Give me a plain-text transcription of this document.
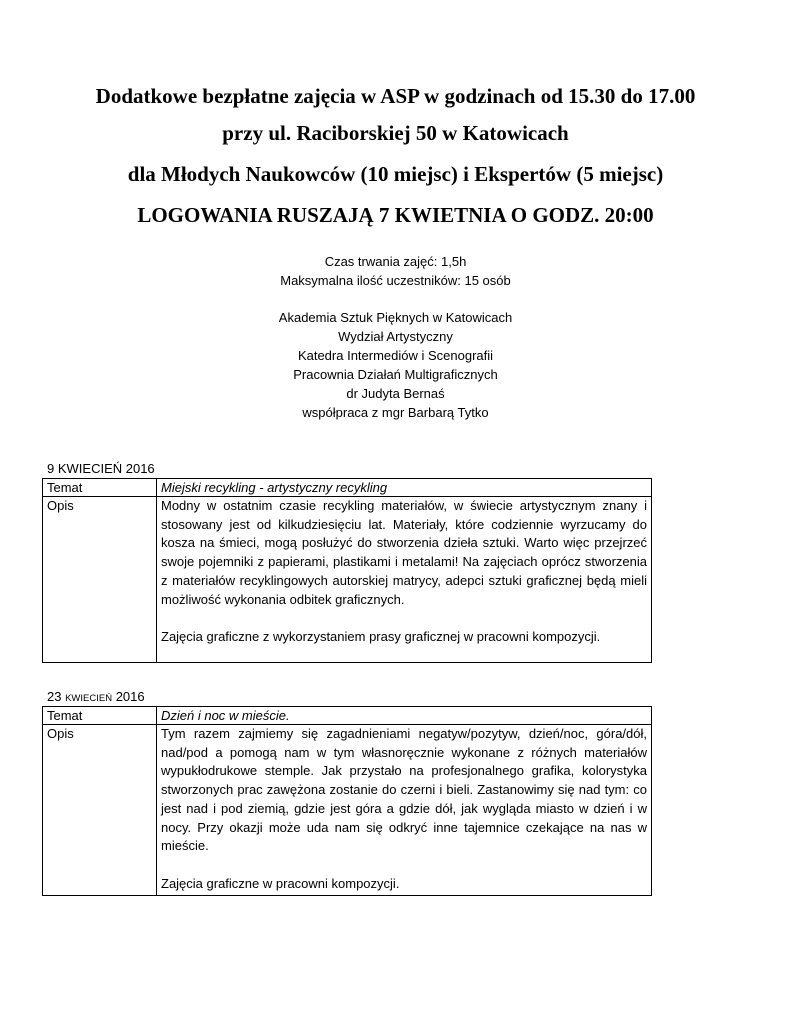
Dodatkowe bezpłatne zajęcia w ASP w godzinach od 15.30 do 17.00
przy ul. Raciborskiej 50 w Katowicach
dla Młodych Naukowców (10 miejsc) i Ekspertów (5 miejsc)
LOGOWANIA RUSZAJĄ 7 KWIETNIA O GODZ. 20:00
Czas trwania zajęć: 1,5h
Maksymalna ilość uczestników: 15 osób
Akademia Sztuk Pięknych w Katowicach
Wydział Artystyczny
Katedra Intermediów i Scenografii
Pracownia Działań Multigraficznych
dr Judyta Bernaś
współpraca z mgr Barbarą Tytko
9 KWIECIEŃ 2016
Temat	Miejski recykling - artystyczny recykling
Opis	Modny w ostatnim czasie recykling materiałów, w świecie artystycznym znany i stosowany jest od kilkudziesięciu lat. Materiały, które codziennie wyrzucamy do kosza na śmieci, mogą posłużyć do stworzenia dzieła sztuki. Warto więc przejrzeć swoje pojemniki z papierami, plastikami i metalami! Na zajęciach oprócz stworzenia z materiałów recyklingowych autorskiej matrycy, adepci sztuki graficznej będą mieli możliwość wykonania odbitek graficznych.

Zajęcia graficzne z wykorzystaniem prasy graficznej w pracowni kompozycji.

23 KWIECIEŃ 2016
Temat	Dzień i noc w mieście.
Opis	Tym razem zajmiemy się zagadnieniami negatyw/pozytyw, dzień/noc, góra/dół, nad/pod a pomogą nam w tym własnoręcznie wykonane z różnych materiałów wypukłodrukowe stemple. Jak przystało na profesjonalnego grafika, kolorystyka stworzonych prac zawężona zostanie do czerni i bieli. Zastanowimy się nad tym: co jest nad i pod ziemią, gdzie jest góra a gdzie dół, jak wygląda miasto w dzień i w nocy. Przy okazji może uda nam się odkryć inne tajemnice czekające na nas w mieście.

Zajęcia graficzne w pracowni kompozycji.
